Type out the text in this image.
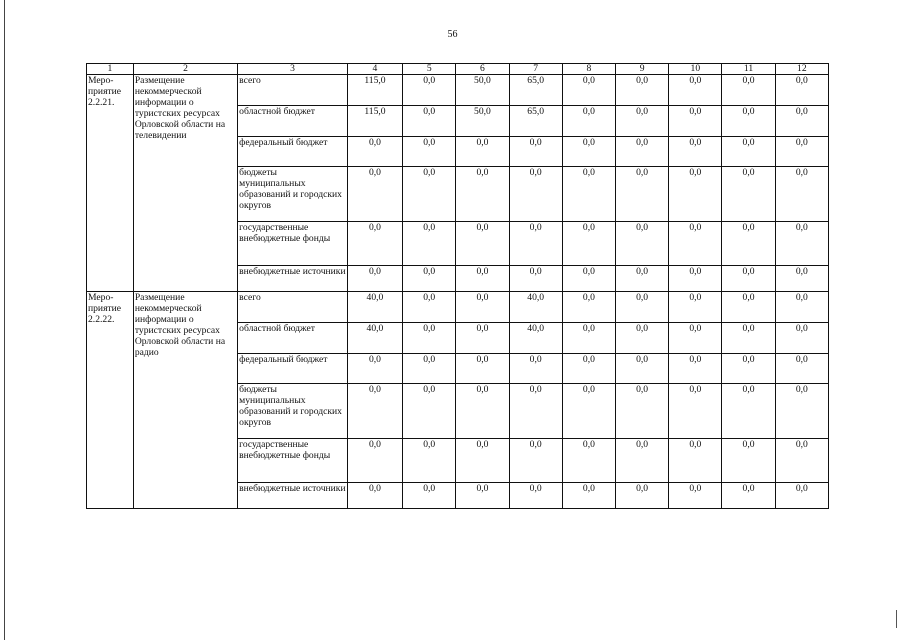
56
1	2	3	4	5	6	7	8	9	10	11	12
Меро-приятие 2.2.21.	Размещение некоммерческой информации о туристских ресурсах Орловской области на телевидении	всего	115,0	0,0	50,0	65,0	0,0	0,0	0,0	0,0	0,0
		областной бюджет	115,0	0,0	50,0	65,0	0,0	0,0	0,0	0,0	0,0
		федеральный бюджет	0,0	0,0	0,0	0,0	0,0	0,0	0,0	0,0	0,0
		бюджеты муниципальных образований и городских округов	0,0	0,0	0,0	0,0	0,0	0,0	0,0	0,0	0,0
		государственные внебюджетные фонды	0,0	0,0	0,0	0,0	0,0	0,0	0,0	0,0	0,0
		внебюджетные источники	0,0	0,0	0,0	0,0	0,0	0,0	0,0	0,0	0,0
Меро-приятие 2.2.22.	Размещение некоммерческой информации о туристских ресурсах Орловской области на радио	всего	40,0	0,0	0,0	40,0	0,0	0,0	0,0	0,0	0,0
		областной бюджет	40,0	0,0	0,0	40,0	0,0	0,0	0,0	0,0	0,0
		федеральный бюджет	0,0	0,0	0,0	0,0	0,0	0,0	0,0	0,0	0,0
		бюджеты муниципальных образований и городских округов	0,0	0,0	0,0	0,0	0,0	0,0	0,0	0,0	0,0
		государственные внебюджетные фонды	0,0	0,0	0,0	0,0	0,0	0,0	0,0	0,0	0,0
		внебюджетные источники	0,0	0,0	0,0	0,0	0,0	0,0	0,0	0,0	0,0
